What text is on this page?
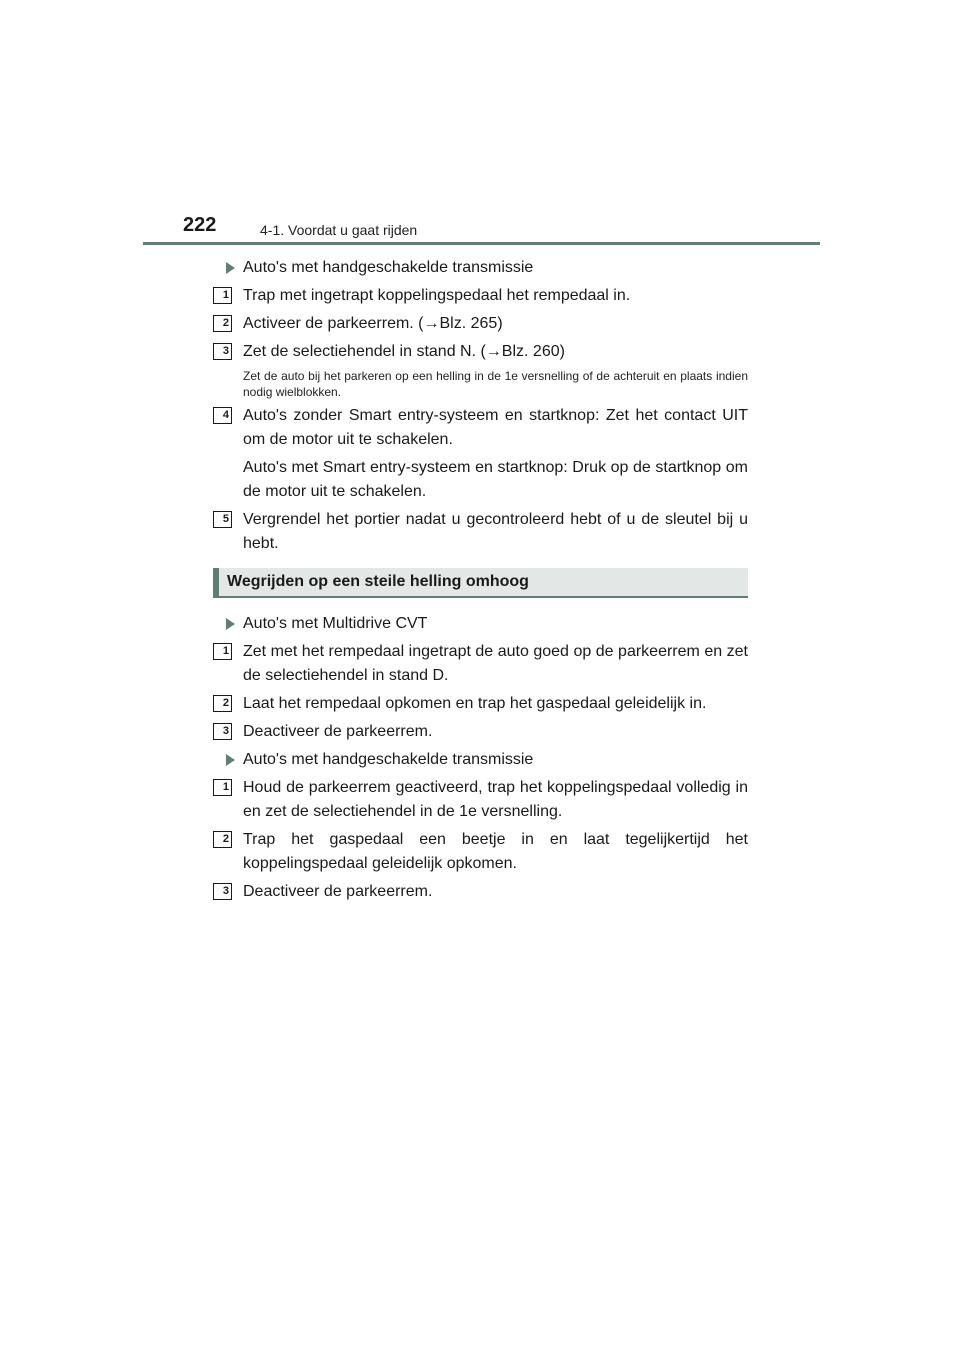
222	4-1. Voordat u gaat rijden
Auto's met handgeschakelde transmissie
1 Trap met ingetrapt koppelingspedaal het rempedaal in.
2 Activeer de parkeerrem. (→Blz. 265)
3 Zet de selectiehendel in stand N. (→Blz. 260)
Zet de auto bij het parkeren op een helling in de 1e versnelling of de achteruit en plaats indien nodig wielblokken.
4 Auto's zonder Smart entry-systeem en startknop: Zet het contact UIT om de motor uit te schakelen.
Auto's met Smart entry-systeem en startknop: Druk op de startknop om de motor uit te schakelen.
5 Vergrendel het portier nadat u gecontroleerd hebt of u de sleutel bij u hebt.
Wegrijden op een steile helling omhoog
Auto's met Multidrive CVT
1 Zet met het rempedaal ingetrapt de auto goed op de parkeerrem en zet de selectiehendel in stand D.
2 Laat het rempedaal opkomen en trap het gaspedaal geleidelijk in.
3 Deactiveer de parkeerrem.
Auto's met handgeschakelde transmissie
1 Houd de parkeerrem geactiveerd, trap het koppelingspedaal volledig in en zet de selectiehendel in de 1e versnelling.
2 Trap het gaspedaal een beetje in en laat tegelijkertijd het koppelingspedaal geleidelijk opkomen.
3 Deactiveer de parkeerrem.
